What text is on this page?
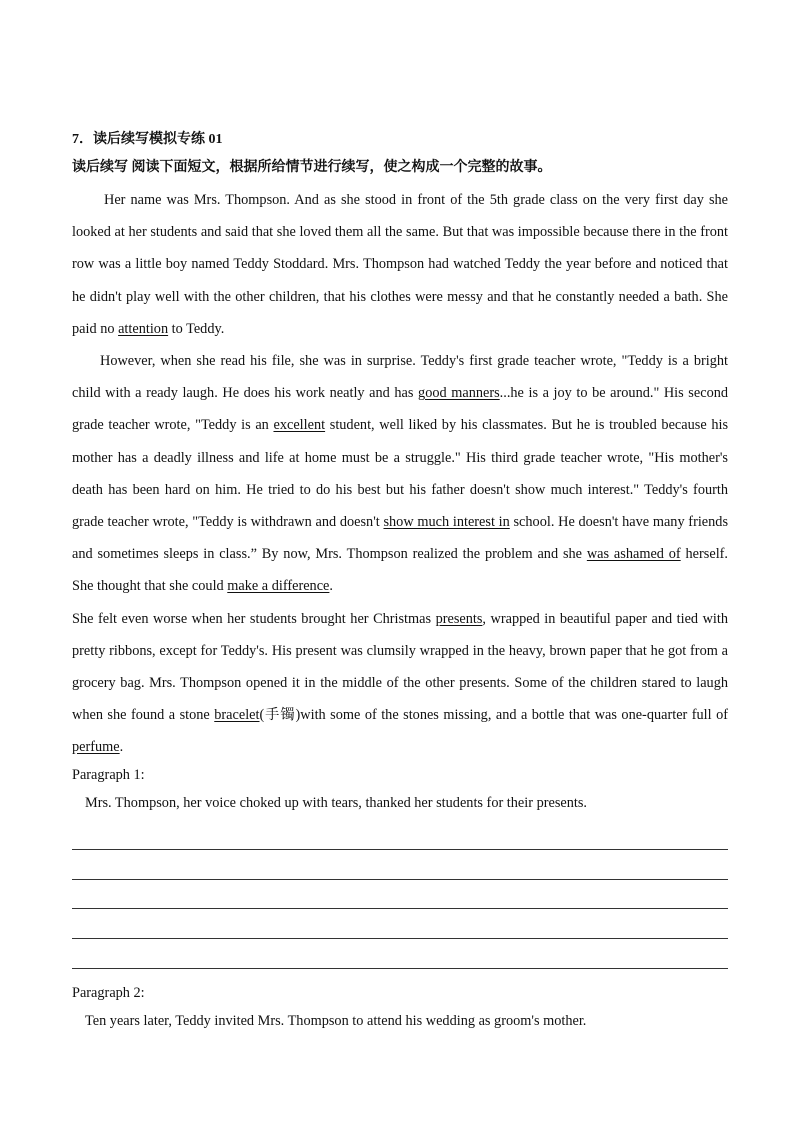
7．读后续写模拟专练 01
读后续写 阅读下面短文，根据所给情节进行续写，使之构成一个完整的故事。

Her name was Mrs. Thompson. And as she stood in front of the 5th grade class on the very first day she looked at her students and said that she loved them all the same. But that was impossible because there in the front row was a little boy named Teddy Stoddard. Mrs. Thompson had watched Teddy the year before and noticed that he didn't play well with the other children, that his clothes were messy and that he constantly needed a bath. She paid no attention to Teddy.

However, when she read his file, she was in surprise. Teddy's first grade teacher wrote, "Teddy is a bright child with a ready laugh. He does his work neatly and has good manners...he is a joy to be around." His second grade teacher wrote, "Teddy is an excellent student, well liked by his classmates. But he is troubled because his mother has a deadly illness and life at home must be a struggle." His third grade teacher wrote, "His mother's death has been hard on him. He tried to do his best but his father doesn't show much interest." Teddy's fourth grade teacher wrote, "Teddy is withdrawn and doesn't show much interest in school. He doesn't have many friends and sometimes sleeps in class.” By now, Mrs. Thompson realized the problem and she was ashamed of herself. She thought that she could make a difference.

She felt even worse when her students brought her Christmas presents, wrapped in beautiful paper and tied with pretty ribbons, except for Teddy's. His present was clumsily wrapped in the heavy, brown paper that he got from a grocery bag. Mrs. Thompson opened it in the middle of the other presents. Some of the children stared to laugh when she found a stone bracelet(手镯)with some of the stones missing, and a bottle that was one-quarter full of perfume.

Paragraph 1:
Mrs. Thompson, her voice choked up with tears, thanked her students for their presents.
Paragraph 2:
Ten years later, Teddy invited Mrs. Thompson to attend his wedding as groom's mother.
